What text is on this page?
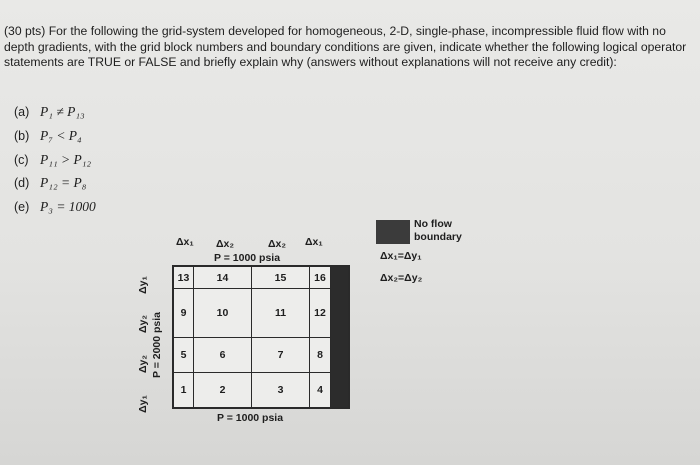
(30 pts) For the following the grid-system developed for homogeneous, 2-D, single-phase, incompressible fluid flow with no depth gradients, with the grid block numbers and boundary conditions are given, indicate whether the following logical operator statements are TRUE or FALSE and briefly explain why (answers without explanations will not receive any credit):
(a) P₁ ≠ P₁₃
(b) P₇ < P₄
(c) P₁₁ > P₁₂
(d) P₁₂ = P₈
(e) P₃ = 1000
Δx₁ Δx₂	Δx₂ Δx₁
P = 1000 psia
P = 1000 psia
Δy₁
Δy₂
Δy₂
Δy₁
P = 2000 psia
13	14	15	16
9	10	11	12
5	6	7	8
1	2	3	4
No flow boundary
Δx₁=Δy₁
Δx₂=Δy₂
